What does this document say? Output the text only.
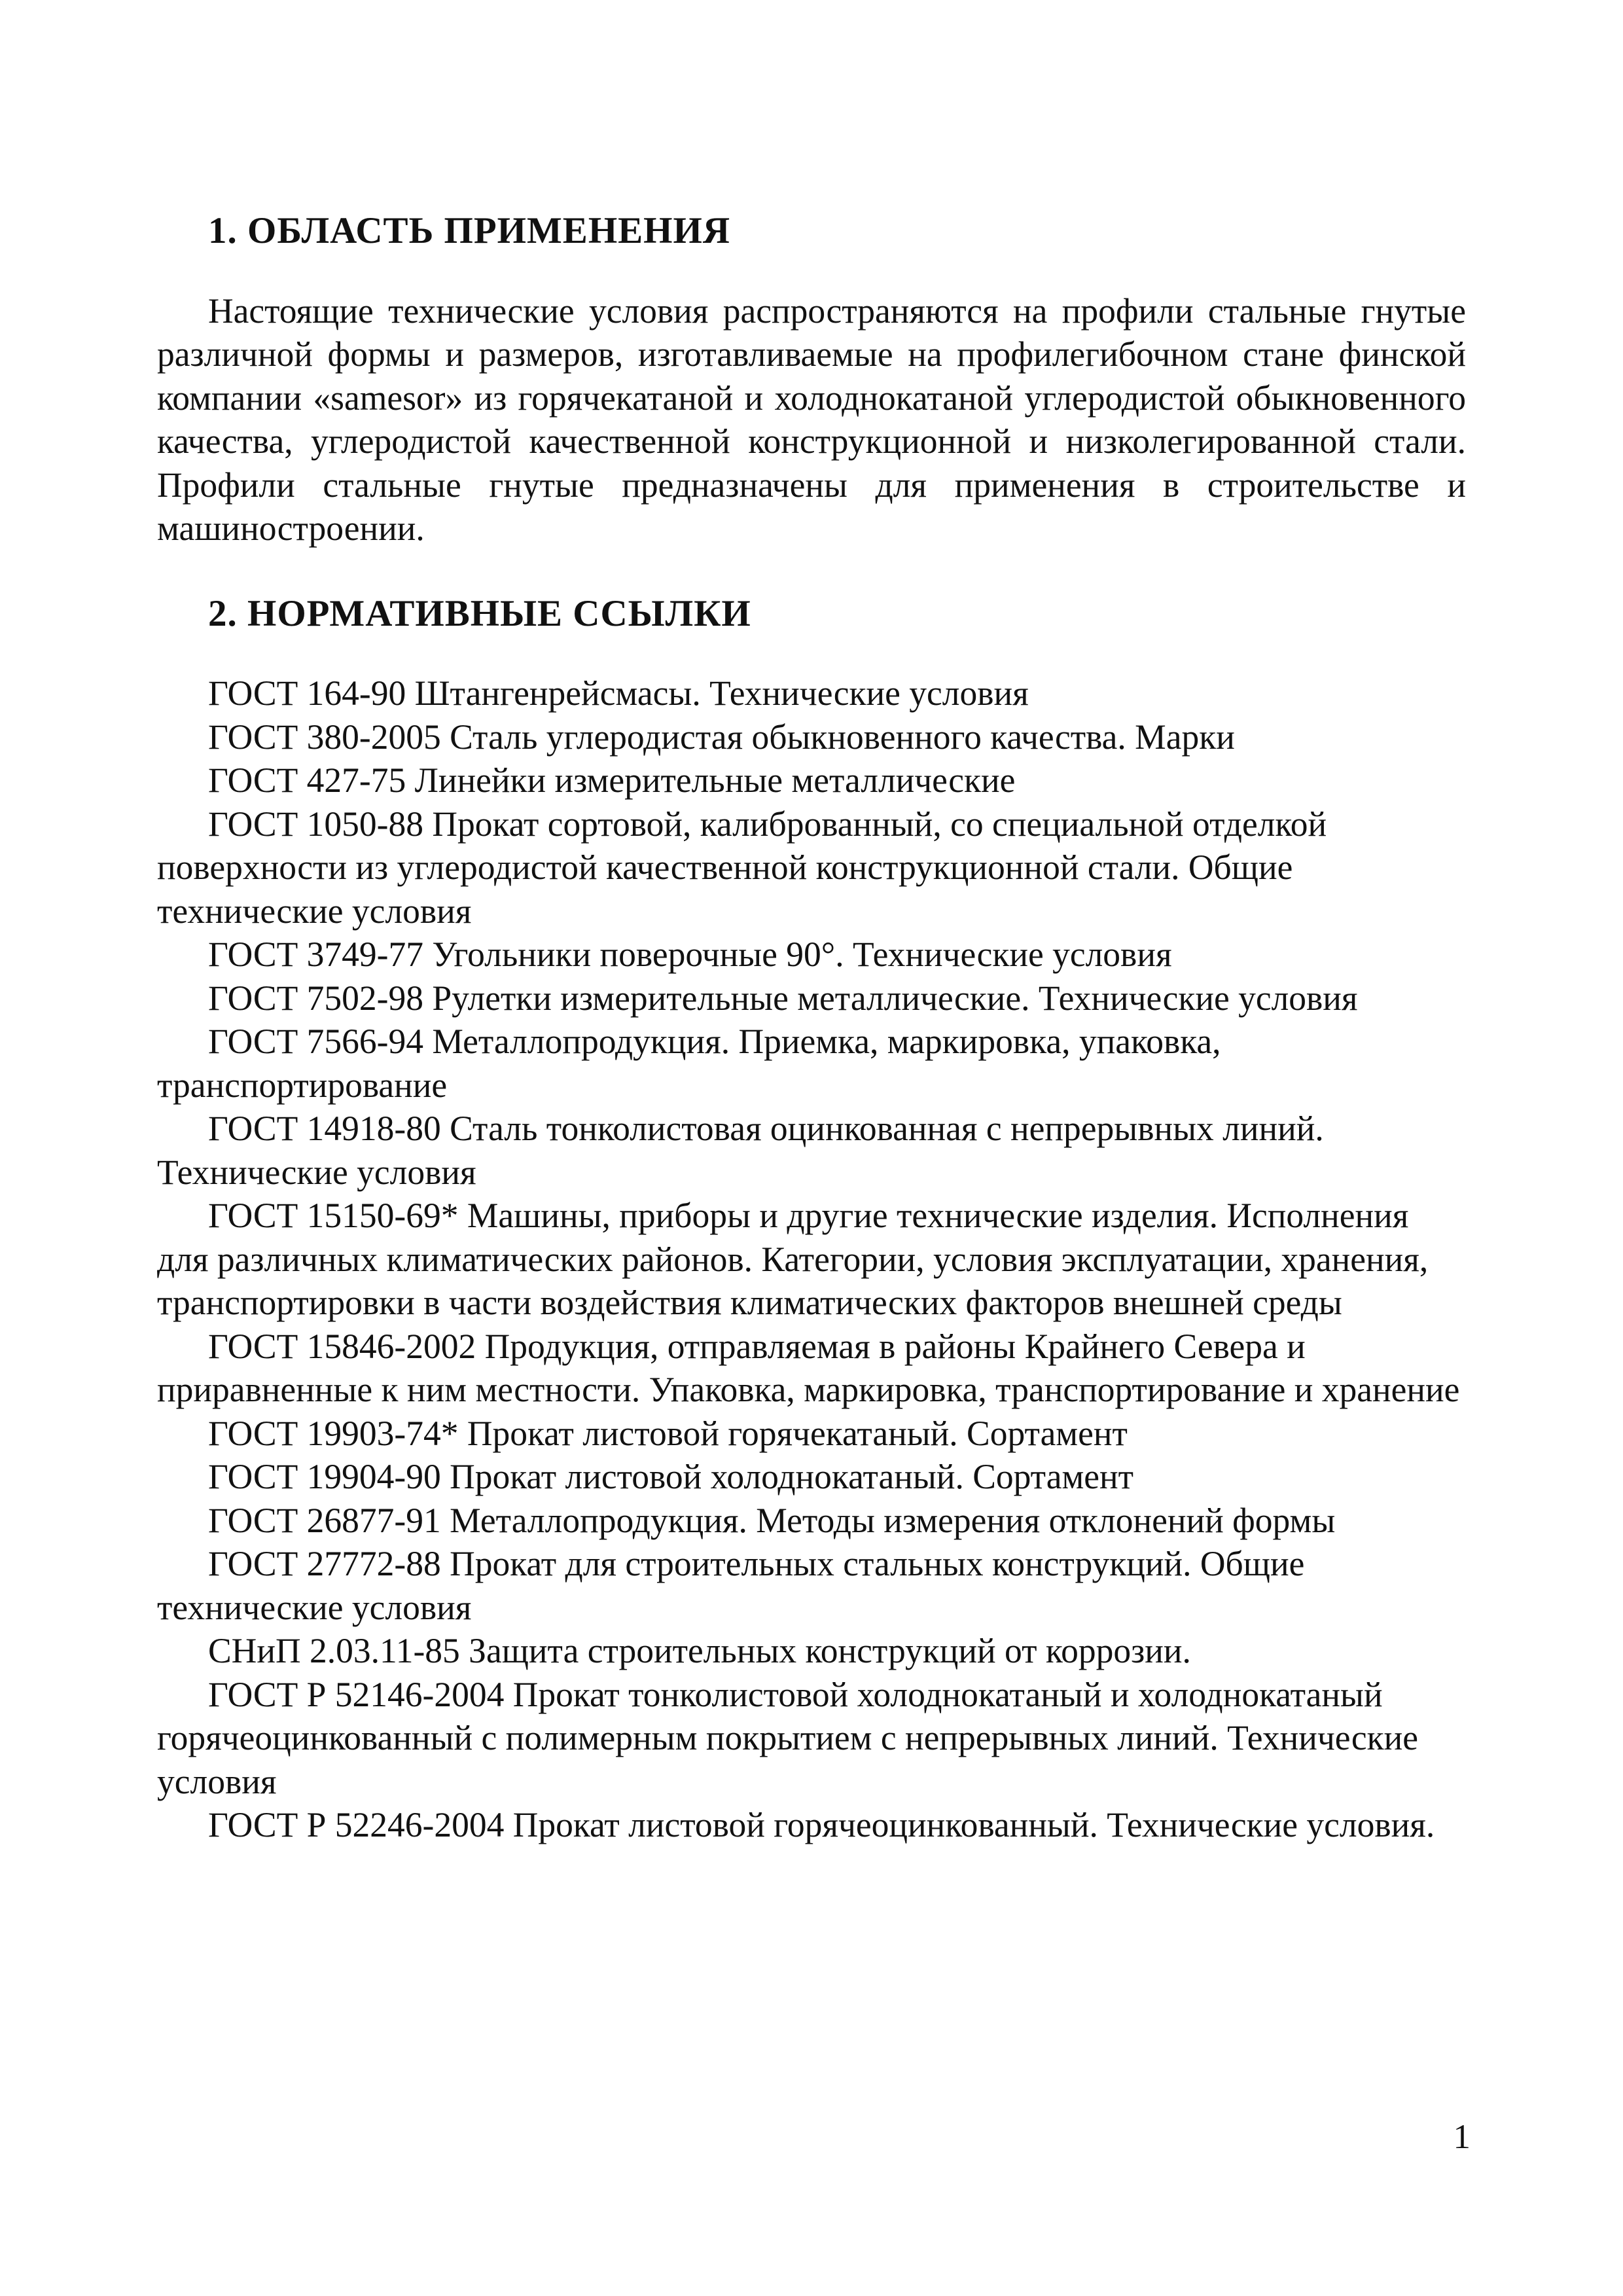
1. ОБЛАСТЬ ПРИМЕНЕНИЯ
Настоящие технические условия распространяются на профили стальные гнутые различной формы и размеров, изготавливаемые на профилегибочном стане финской компании «samesor» из горячекатаной и холоднокатаной углеродистой обыкновенного качества, углеродистой качественной конструкционной и низколегированной стали. Профили стальные гнутые предназначены для применения в строительстве и машиностроении.
2. НОРМАТИВНЫЕ ССЫЛКИ
ГОСТ 164-90 Штангенрейсмасы. Технические условия
ГОСТ 380-2005 Сталь углеродистая обыкновенного качества. Марки
ГОСТ 427-75 Линейки измерительные металлические
ГОСТ 1050-88 Прокат сортовой, калиброванный, со специальной отделкой поверхности из углеродистой качественной конструкционной стали. Общие технические условия
ГОСТ 3749-77 Угольники поверочные 90°. Технические условия
ГОСТ 7502-98 Рулетки измерительные металлические. Технические условия
ГОСТ 7566-94 Металлопродукция. Приемка, маркировка, упаковка, транспортирование
ГОСТ 14918-80 Сталь тонколистовая оцинкованная с непрерывных линий. Технические условия
ГОСТ 15150-69* Машины, приборы и другие технические изделия. Исполнения для различных климатических районов. Категории, условия эксплуатации, хранения, транспортировки в части воздействия климатических факторов внешней среды
ГОСТ 15846-2002 Продукция, отправляемая в районы Крайнего Севера и приравненные к ним местности. Упаковка, маркировка, транспортирование и хранение
ГОСТ 19903-74* Прокат листовой горячекатаный. Сортамент
ГОСТ 19904-90 Прокат листовой холоднокатаный. Сортамент
ГОСТ 26877-91 Металлопродукция. Методы измерения отклонений формы
ГОСТ 27772-88 Прокат для строительных стальных конструкций. Общие технические условия
СНиП 2.03.11-85 Защита строительных конструкций от коррозии.
ГОСТ Р 52146-2004 Прокат тонколистовой холоднокатаный и холоднокатаный горячеоцинкованный с полимерным покрытием с непрерывных линий. Технические условия
ГОСТ Р 52246-2004 Прокат листовой горячеоцинкованный. Технические условия.
1
